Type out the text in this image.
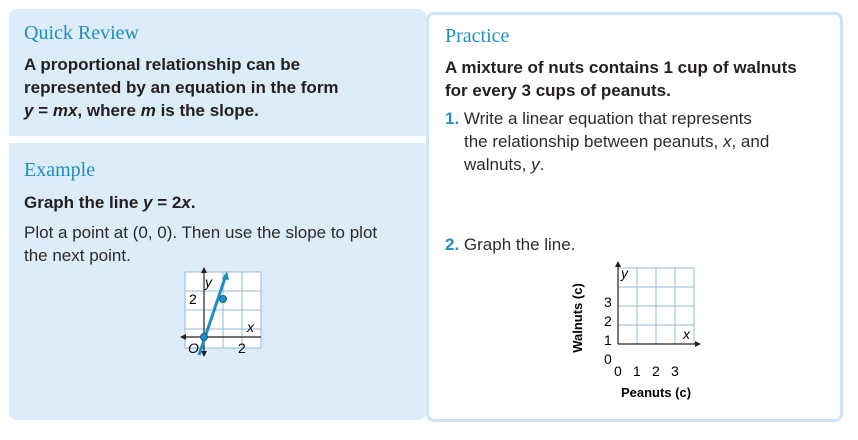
Quick Review
A proportional relationship can be
represented by an equation in the form
y = mx, where m is the slope.
Example
Graph the line y = 2x.
Plot a point at (0, 0). Then use the slope to plot
the next point.
y
2
x
O	2
Practice
A mixture of nuts contains 1 cup of walnuts
for every 3 cups of peanuts.
1. Write a linear equation that represents
the relationship between peanuts, x, and
walnuts, y.
2. Graph the line.
Walnuts (c)
y
x
3
2
1
0
0 1 2 3
Peanuts (c)
